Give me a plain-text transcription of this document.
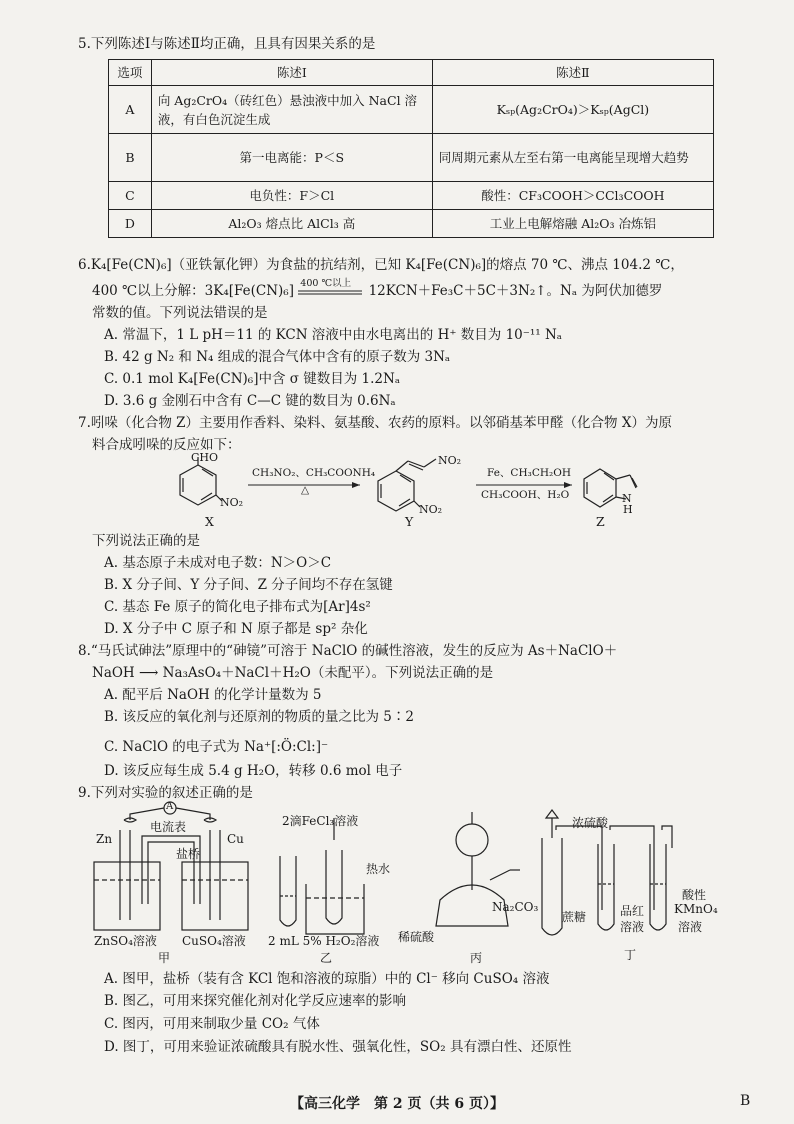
5.下列陈述Ⅰ与陈述Ⅱ均正确，且具有因果关系的是
选项	陈述Ⅰ	陈述Ⅱ
A	向 Ag₂CrO₄（砖红色）悬浊液中加入 NaCl 溶液，有白色沉淀生成	Kₛₚ(Ag₂CrO₄)＞Kₛₚ(AgCl)
B	第一电离能：P＜S	同周期元素从左至右第一电离能呈现增大趋势
C	电负性：F＞Cl	酸性：CF₃COOH＞CCl₃COOH
D	Al₂O₃ 熔点比 AlCl₃ 高	工业上电解熔融 Al₂O₃ 冶炼铝
6.K₄[Fe(CN)₆]（亚铁氰化钾）为食盐的抗结剂，已知 K₄[Fe(CN)₆]的熔点 70 ℃、沸点 104.2 ℃，
400 ℃以上分解：3K₄[Fe(CN)₆] 400 ℃以上 12KCN＋Fe₃C＋5C＋3N₂↑。Nₐ 为阿伏加德罗
常数的值。下列说法错误的是
A. 常温下，1 L pH＝11 的 KCN 溶液中由水电离出的 H⁺ 数目为 10⁻¹¹ Nₐ
B. 42 g N₂ 和 N₄ 组成的混合气体中含有的原子数为 3Nₐ
C. 0.1 mol K₄[Fe(CN)₆]中含 σ 键数目为 1.2Nₐ
D. 3.6 g 金刚石中含有 C—C 键的数目为 0.6Nₐ
7.吲哚（化合物 Z）主要用作香料、染料、氨基酸、农药的原料。以邻硝基苯甲醛（化合物 X）为原
料合成吲哚的反应如下：
CHO
NO₂
CH₃NO₂、CH₃COONH₄
△
NO₂
NO₂
Fe、CH₃CH₂OH
CH₃COOH、H₂O	N
H
X	Y	Z
下列说法正确的是
A. 基态原子未成对电子数：N＞O＞C
B. X 分子间、Y 分子间、Z 分子间均不存在氢键
C. 基态 Fe 原子的简化电子排布式为[Ar]4s²
D. X 分子中 C 原子和 N 原子都是 sp² 杂化
8.“马氏试砷法”原理中的“砷镜”可溶于 NaClO 的碱性溶液，发生的反应为 As＋NaClO＋
NaOH ⟶ Na₃AsO₄＋NaCl＋H₂O（未配平）。下列说法正确的是
A. 配平后 NaOH 的化学计量数为 5
B. 该反应的氧化剂与还原剂的物质的量之比为 5∶2
C. NaClO 的电子式为 Na⁺[:Ö:Cl:]⁻
D. 该反应每生成 5.4 g H₂O，转移 0.6 mol 电子
9.下列对实验的叙述正确的是
A
电流表
Zn	Cu
盐桥
ZnSO₄溶液 CuSO₄溶液
甲
2滴FeCl₃溶液
热水
2 mL 5% H₂O₂溶液
乙
Na₂CO₃
稀硫酸
丙
浓硫酸
蔗糖	品红
溶液
酸性
KMnO₄
溶液
丁
A. 图甲，盐桥（装有含 KCl 饱和溶液的琼脂）中的 Cl⁻ 移向 CuSO₄ 溶液
B. 图乙，可用来探究催化剂对化学反应速率的影响
C. 图丙，可用来制取少量 CO₂ 气体
D. 图丁，可用来验证浓硫酸具有脱水性、强氧化性，SO₂ 具有漂白性、还原性
【高三化学　第 2 页（共 6 页）】	B
